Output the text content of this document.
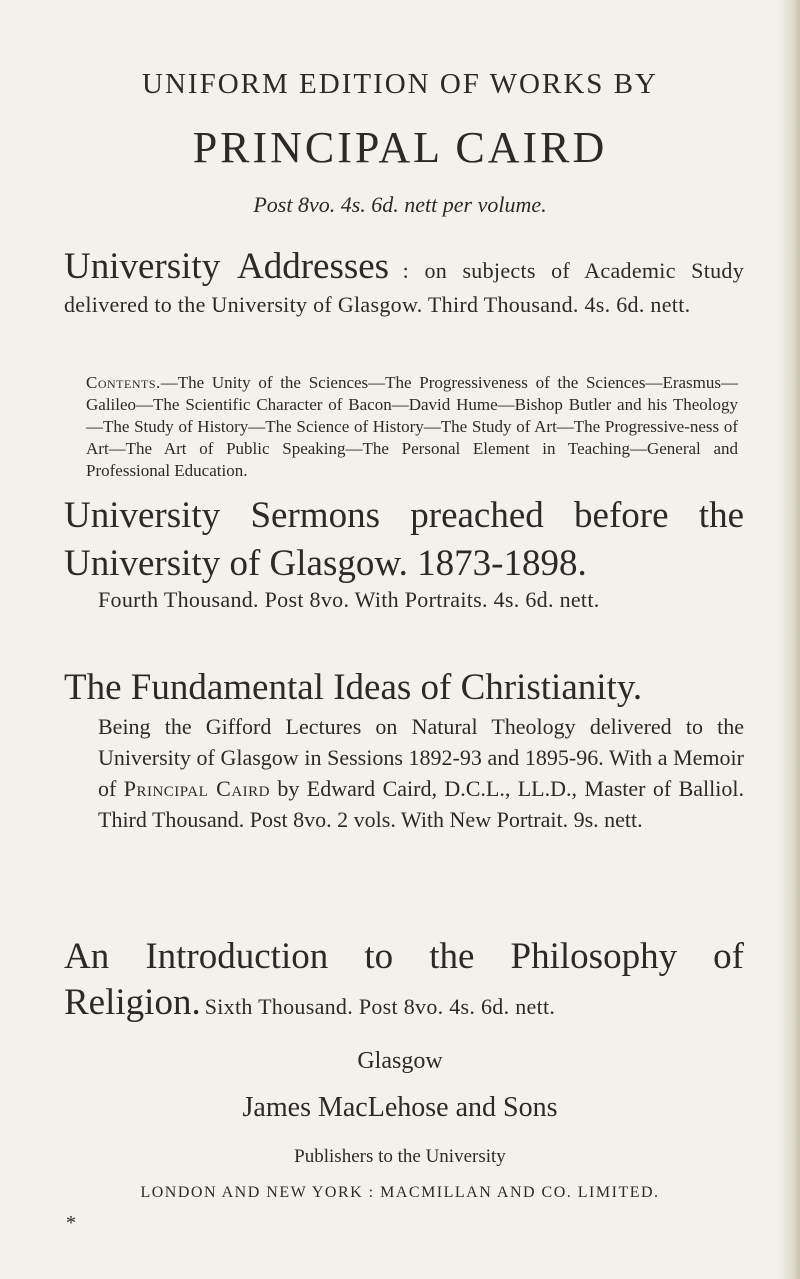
UNIFORM EDITION OF WORKS BY
PRINCIPAL CAIRD
Post 8vo. 4s. 6d. nett per volume.
University Addresses : on subjects of Academic Study delivered to the University of Glasgow. Third Thousand. 4s. 6d. nett.
Contents.—The Unity of the Sciences—The Progressiveness of the Sciences—Erasmus—Galileo—The Scientific Character of Bacon—David Hume—Bishop Butler and his Theology—The Study of History—The Science of History—The Study of Art—The Progressive-ness of Art—The Art of Public Speaking—The Personal Element in Teaching—General and Professional Education.
University Sermons preached before the University of Glasgow. 1873-1898.
Fourth Thousand. Post 8vo. With Portraits. 4s. 6d. nett.
The Fundamental Ideas of Christianity.
Being the Gifford Lectures on Natural Theology delivered to the University of Glasgow in Sessions 1892-93 and 1895-96. With a Memoir of Principal Caird by Edward Caird, D.C.L., LL.D., Master of Balliol. Third Thousand. Post 8vo. 2 vols. With New Portrait. 9s. nett.
An Introduction to the Philosophy of Religion. Sixth Thousand. Post 8vo. 4s. 6d. nett.
Glasgow
James MacLehose and Sons
Publishers to the University
LONDON AND NEW YORK : MACMILLAN AND CO. LIMITED.
*
